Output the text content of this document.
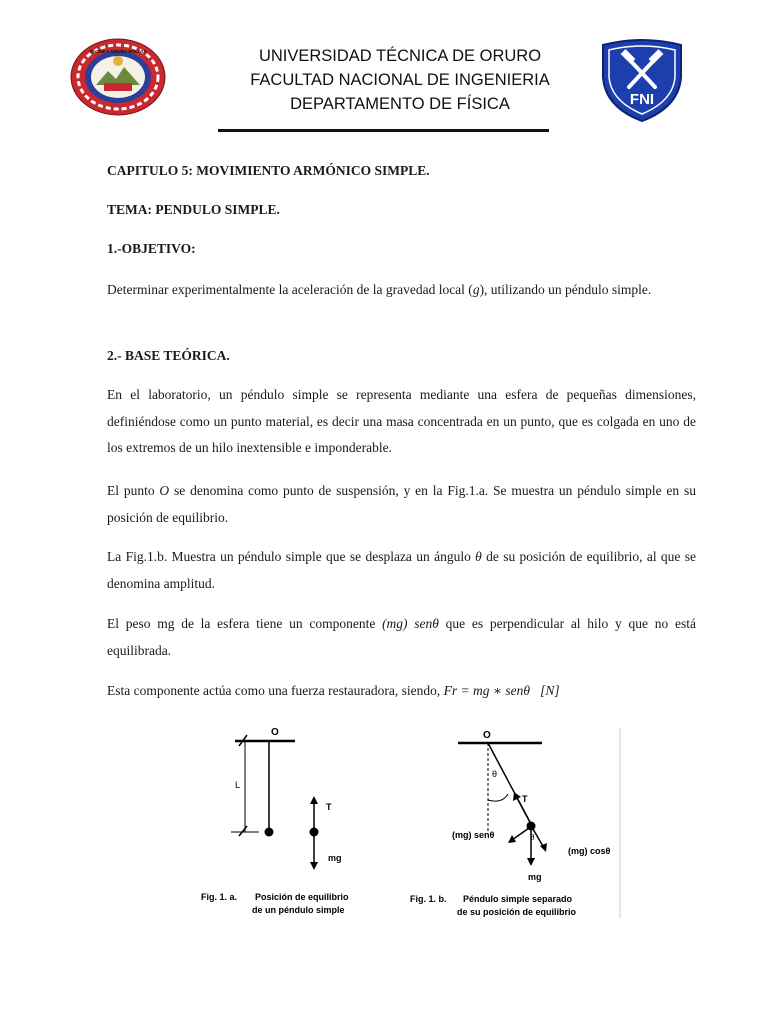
TÉCNICA ORURO BOLIVIA	UNIVERSIDAD TÉCNICA DE ORURO
FACULTAD NACIONAL DE INGENIERIA
DEPARTAMENTO DE FÍSICA	FNI
CAPITULO 5: MOVIMIENTO ARMÓNICO SIMPLE.
TEMA: PENDULO SIMPLE.
1.-OBJETIVO:
Determinar experimentalmente la aceleración de la gravedad local (g), utilizando un péndulo simple.
2.- BASE TEÓRICA.
En el laboratorio, un péndulo simple se representa mediante una esfera de pequeñas dimensiones, definiéndose como un punto material, es decir una masa concentrada en un punto, que es colgada en uno de los extremos de un hilo inextensible e imponderable.
El punto O se denomina como punto de suspensión, y en la Fig.1.a. Se muestra un péndulo simple en su posición de equilibrio.
La Fig.1.b. Muestra un péndulo simple que se desplaza un ángulo θ de su posición de equilibrio, al que se denomina amplitud.
El peso mg de la esfera tiene un componente (mg) senθ que es perpendicular al hilo y que no está equilibrada.
Esta componente actúa como una fuerza restauradora, siendo, Fr = mg ∗ senθ [N]
O
L
T
mg
Fig. 1. a. Posición de equilibrio
de un péndulo simple
O
θ
T
(mg) senθ	θ
(mg) cosθ
mg
Fig. 1. b. Péndulo simple separado
de su posición de equilibrio
